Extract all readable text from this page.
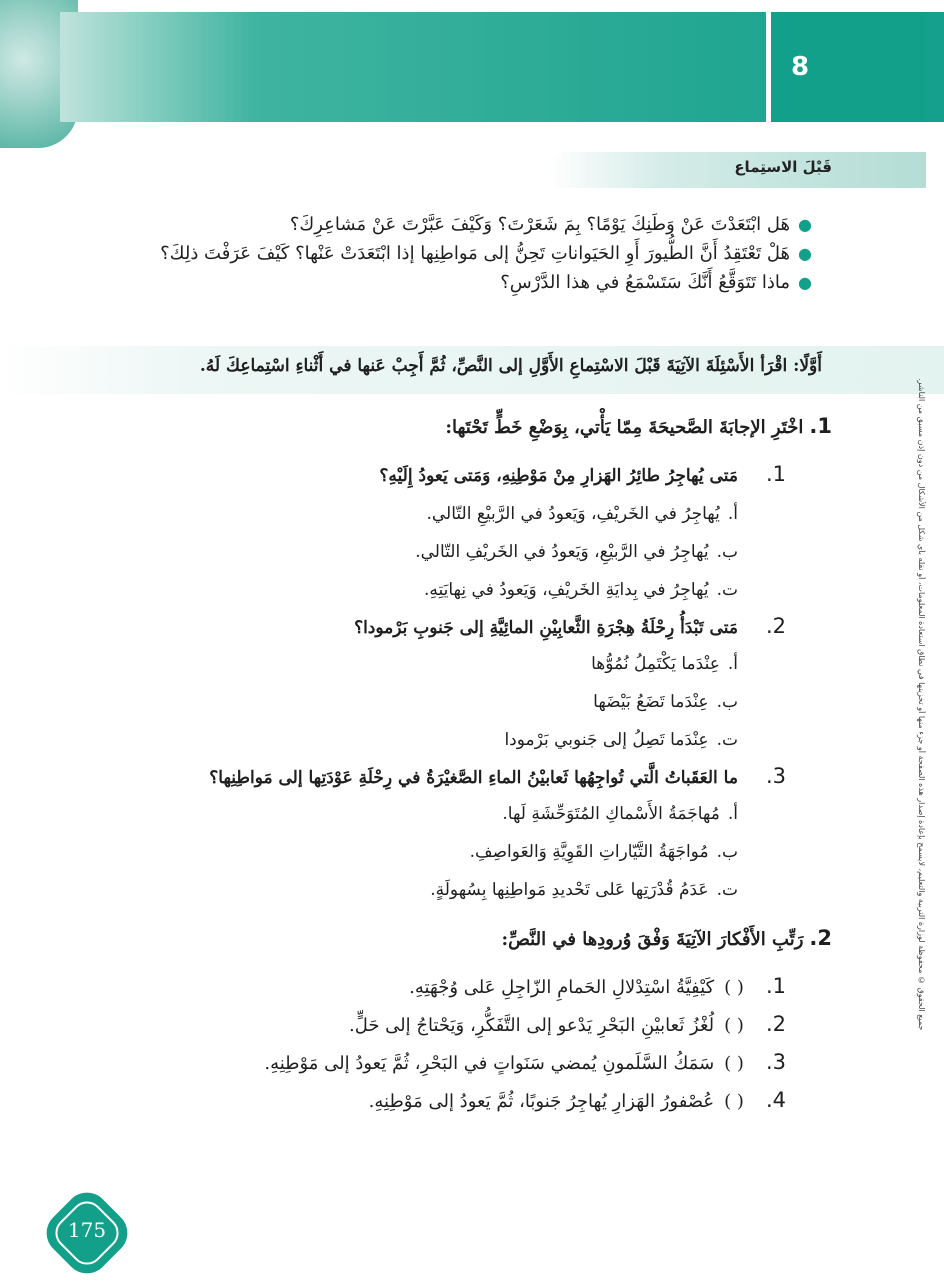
8
قَبْلَ الاستِماع
●هَل ابْتَعَدْتَ عَنْ وَطَنِكَ يَوْمًا؟ بِمَ شَعَرْتَ؟ وَكَيْفَ عَبَّرْتَ عَنْ مَشاعِرِكَ؟
●هَلْ تَعْتَقِدُ أَنَّ الطُّيورَ أَوِ الحَيَواناتِ تَحِنُّ إلى مَواطِنِها إذا ابْتَعَدَتْ عَنْها؟ كَيْفَ عَرَفْتَ ذلِكَ؟
●ماذا تَتَوَقَّعُ أَنَّكَ سَتَسْمَعُ في هذا الدَّرْسِ؟
أَوَّلًا: اقْرَأ الأَسْئِلَةَ الآتِيَةَ قَبْلَ الاسْتِماعِ الأَوَّلِ إلى النَّصِّ، ثُمَّ أَجِبْ عَنها في أَثْناءِ اسْتِماعِكَ لَهُ.
1.اخْتَرِ الإجابَةَ الصَّحيحَةَ مِمّا يَأْتي، بِوَضْعِ خَطٍّ تَحْتَها:
1.مَتى يُهاجِرُ طائِرُ الهَزارِ مِنْ مَوْطِنِهِ، وَمَتى يَعودُ إِلَيْهِ؟
أ.يُهاجِرُ في الخَريْفِ، وَيَعودُ في الرَّبيْعِ التّالي.
ب.يُهاجِرُ في الرَّبيْعِ، وَيَعودُ في الخَريْفِ التّالي.
ت.يُهاجِرُ في بِدايَةِ الخَريْفِ، وَيَعودُ في نِهايَتِهِ.
2.مَتى تَبْدَأُ رِحْلَةُ هِجْرَةِ الثَّعابِيْنِ المائِيَّةِ إلى جَنوبِ بَرْمودا؟
أ.عِنْدَما يَكْتَمِلُ نُمُوُّها
ب.عِنْدَما تَضَعُ بَيْضَها
ت.عِنْدَما تَصِلُ إلى جَنوبي بَرْمودا
3.ما العَقَباتُ الَّتي تُواجِهُها ثَعابيْنُ الماءِ الصَّغيْرَةُ في رِحْلَةِ عَوْدَتِها إلى مَواطِنِها؟
أ.مُهاجَمَةُ الأَسْماكِ المُتَوَحِّشَةِ لَها.
ب.مُواجَهَةُ التَّيّاراتِ القَوِيَّةِ وَالعَواصِفِ.
ت.عَدَمُ قُدْرَتِها عَلى تَحْديدِ مَواطِنِها بِسُهولَةٍ.
2.رَتِّبِ الأَفْكارَ الآتِيَةَ وَفْقَ وُرودِها في النَّصِّ:
1.( )كَيْفِيَّةُ اسْتِدْلالِ الحَمامِ الزّاجِلِ عَلى وُجْهَتِهِ.
2.( )لُغْزُ ثَعابيْنِ البَحْرِ يَدْعو إلى التَّفَكُّرِ، وَيَحْتاجُ إلى حَلٍّ.
3.( )سَمَكُ السَّلَمونِ يُمضي سَنَواتٍ في البَحْرِ، ثُمَّ يَعودُ إلى مَوْطِنِهِ.
4.( )عُصْفورُ الهَزارِ يُهاجِرُ جَنوبًا، ثُمَّ يَعودُ إلى مَوْطِنِهِ.
جميع الحقوق © محفوظة لوزارة التربية والتعليم، لايسمح بإعادة إصدار هذه الصفحة أو جزء منها أو تخزينها في نطاق استعادة المعلومات، أو نقله بأي شكل من الأشكال من دون إذن مسبق من الناشر.
175
